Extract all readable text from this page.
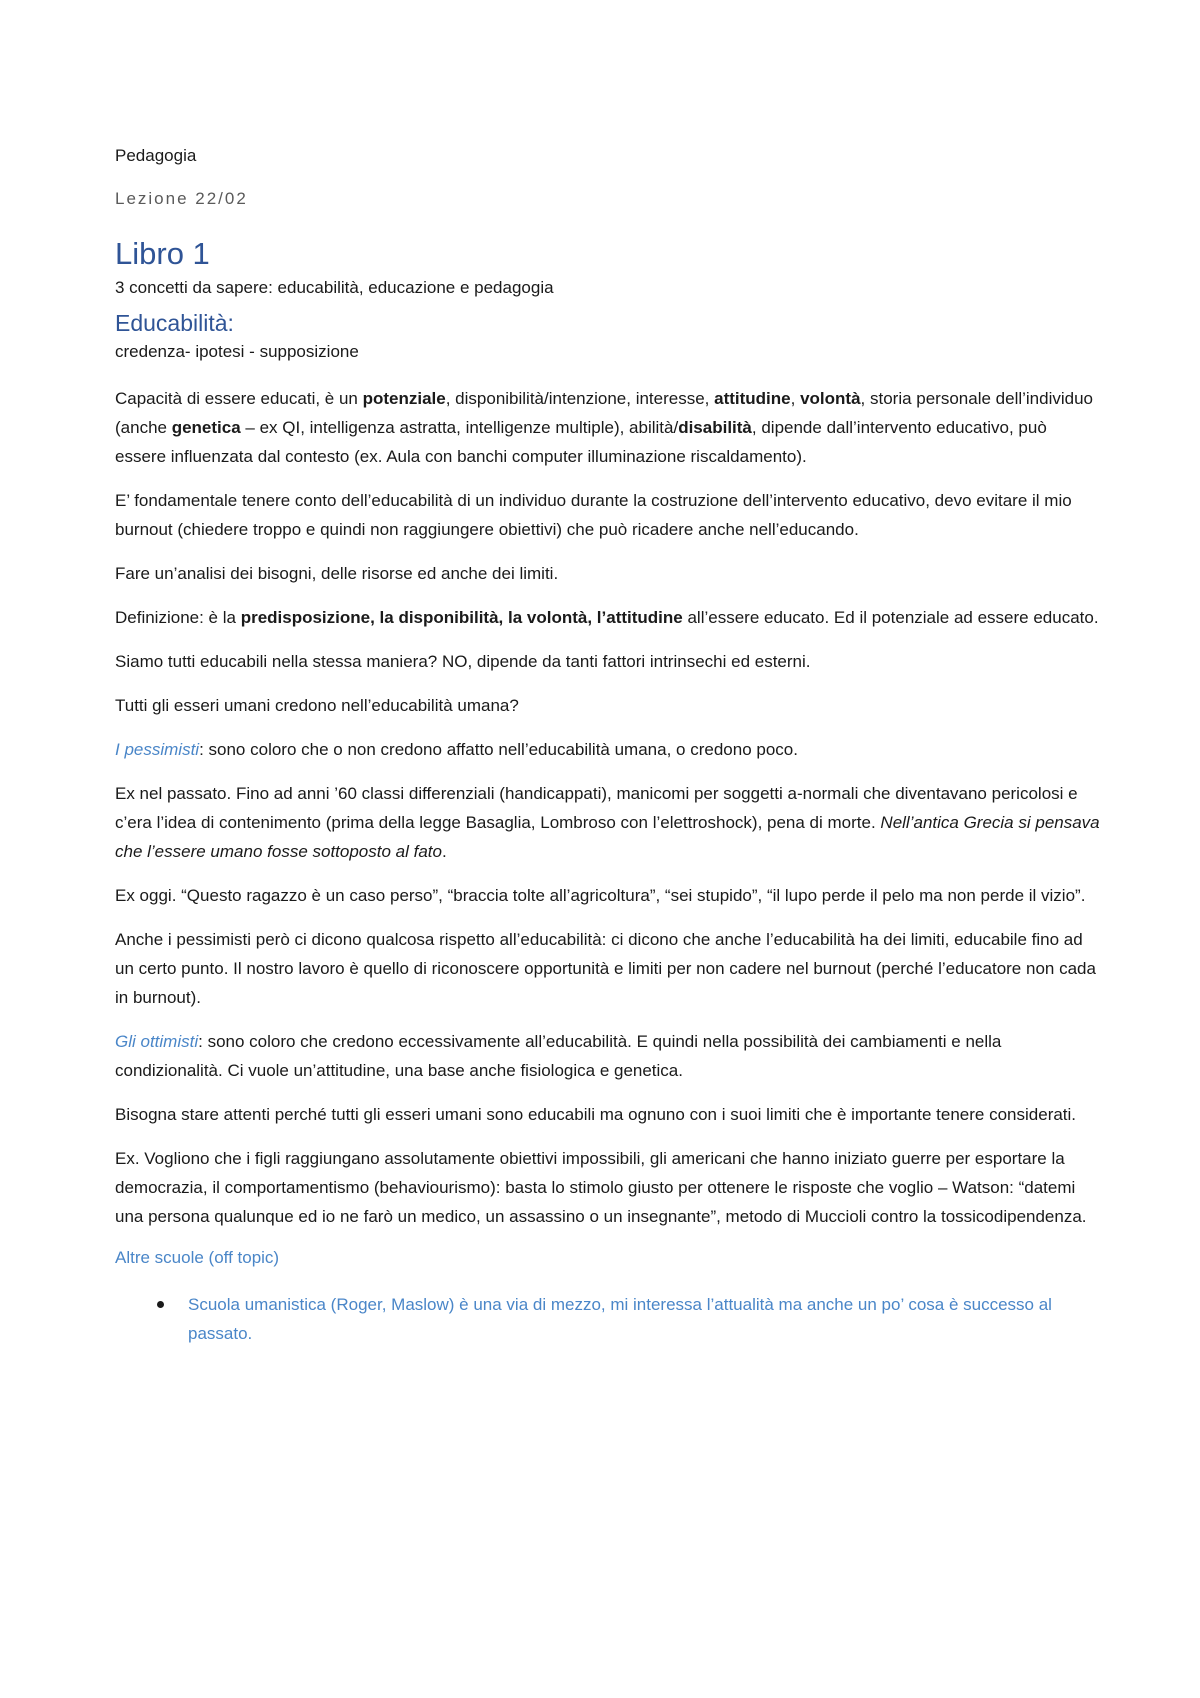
Pedagogia

Lezione 22/02

Libro 1

3 concetti da sapere: educabilità, educazione e pedagogia

Educabilità:

credenza- ipotesi - supposizione

Capacità di essere educati, è un potenziale, disponibilità/intenzione, interesse, attitudine, volontà, storia personale dell’individuo (anche genetica – ex QI, intelligenza astratta, intelligenze multiple), abilità/disabilità, dipende dall’intervento educativo, può essere influenzata dal contesto (ex. Aula con banchi computer illuminazione riscaldamento).

E’ fondamentale tenere conto dell’educabilità di un individuo durante la costruzione dell’intervento educativo, devo evitare il mio burnout (chiedere troppo e quindi non raggiungere obiettivi) che può ricadere anche nell’educando.

Fare un’analisi dei bisogni, delle risorse ed anche dei limiti.

Definizione: è la predisposizione, la disponibilità, la volontà, l’attitudine all’essere educato. Ed il potenziale ad essere educato.

Siamo tutti educabili nella stessa maniera? NO, dipende da tanti fattori intrinsechi ed esterni.

Tutti gli esseri umani credono nell’educabilità umana?

I pessimisti: sono coloro che o non credono affatto nell’educabilità umana, o credono poco.

Ex nel passato. Fino ad anni ’60 classi differenziali (handicappati), manicomi per soggetti a-normali che diventavano pericolosi e c’era l’idea di contenimento (prima della legge Basaglia, Lombroso con l’elettroshock), pena di morte. Nell’antica Grecia si pensava che l’essere umano fosse sottoposto al fato.

Ex oggi. “Questo ragazzo è un caso perso”, “braccia tolte all’agricoltura”, “sei stupido”, “il lupo perde il pelo ma non perde il vizio”.

Anche i pessimisti però ci dicono qualcosa rispetto all’educabilità: ci dicono che anche l’educabilità ha dei limiti, educabile fino ad un certo punto. Il nostro lavoro è quello di riconoscere opportunità e limiti per non cadere nel burnout (perché l’educatore non cada in burnout).

Gli ottimisti: sono coloro che credono eccessivamente all’educabilità. E quindi nella possibilità dei cambiamenti e nella condizionalità. Ci vuole un’attitudine, una base anche fisiologica e genetica.

Bisogna stare attenti perché tutti gli esseri umani sono educabili ma ognuno con i suoi limiti che è importante tenere considerati.

Ex. Vogliono che i figli raggiungano assolutamente obiettivi impossibili, gli americani che hanno iniziato guerre per esportare la democrazia, il comportamentismo (behaviourismo): basta lo stimolo giusto per ottenere le risposte che voglio – Watson: “datemi una persona qualunque ed io ne farò un medico, un assassino o un insegnante”, metodo di Muccioli contro la tossicodipendenza.

Altre scuole (off topic)

Scuola umanistica (Roger, Maslow) è una via di mezzo, mi interessa l’attualità ma anche un po’ cosa è successo al passato.
